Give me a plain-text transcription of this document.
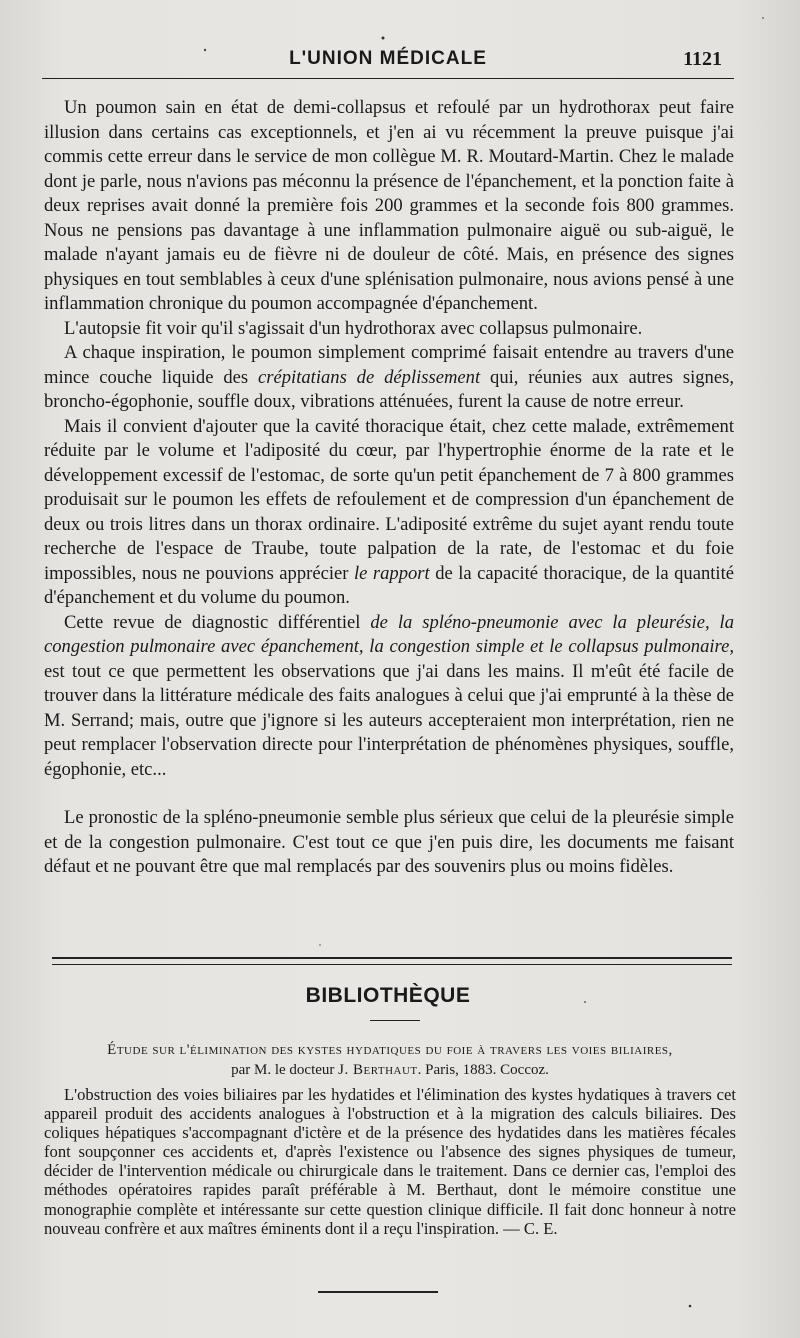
L'UNION MÉDICALE	1121

Un poumon sain en état de demi-collapsus et refoulé par un hydrothorax peut faire illusion dans certains cas exceptionnels, et j'en ai vu récemment la preuve puisque j'ai commis cette erreur dans le service de mon collègue M. R. Moutard-Martin. Chez le malade dont je parle, nous n'avions pas méconnu la présence de l'épanchement, et la ponction faite à deux reprises avait donné la première fois 200 grammes et la seconde fois 800 grammes. Nous ne pensions pas davantage à une inflammation pulmonaire aiguë ou sub-aiguë, le malade n'ayant jamais eu de fièvre ni de douleur de côté. Mais, en présence des signes physiques en tout semblables à ceux d'une splénisation pulmonaire, nous avions pensé à une inflammation chronique du poumon accompagnée d'épanchement.

L'autopsie fit voir qu'il s'agissait d'un hydrothorax avec collapsus pulmonaire.

A chaque inspiration, le poumon simplement comprimé faisait entendre au travers d'une mince couche liquide des crépitatians de déplissement qui, réunies aux autres signes, broncho-égophonie, souffle doux, vibrations atténuées, furent la cause de notre erreur.

Mais il convient d'ajouter que la cavité thoracique était, chez cette malade, extrêmement réduite par le volume et l'adiposité du cœur, par l'hypertrophie énorme de la rate et le développement excessif de l'estomac, de sorte qu'un petit épanchement de 7 à 800 grammes produisait sur le poumon les effets de refoulement et de compression d'un épanchement de deux ou trois litres dans un thorax ordinaire. L'adiposité extrême du sujet ayant rendu toute recherche de l'espace de Traube, toute palpation de la rate, de l'estomac et du foie impossibles, nous ne pouvions apprécier le rapport de la capacité thoracique, de la quantité d'épanchement et du volume du poumon.

Cette revue de diagnostic différentiel de la spléno-pneumonie avec la pleurésie, la congestion pulmonaire avec épanchement, la congestion simple et le collapsus pulmonaire, est tout ce que permettent les observations que j'ai dans les mains. Il m'eût été facile de trouver dans la littérature médicale des faits analogues à celui que j'ai emprunté à la thèse de M. Serrand; mais, outre que j'ignore si les auteurs accepteraient mon interprétation, rien ne peut remplacer l'observation directe pour l'interprétation de phénomènes physiques, souffle, égophonie, etc...

Le pronostic de la spléno-pneumonie semble plus sérieux que celui de la pleurésie simple et de la congestion pulmonaire. C'est tout ce que j'en puis dire, les documents me faisant défaut et ne pouvant être que mal remplacés par des souvenirs plus ou moins fidèles.

BIBLIOTHÈQUE
Étude sur l'élimination des kystes hydatiques du foie à travers les voies biliaires,
par M. le docteur J. Berthaut. Paris, 1883. Coccoz.

L'obstruction des voies biliaires par les hydatides et l'élimination des kystes hydatiques à travers cet appareil produit des accidents analogues à l'obstruction et à la migration des calculs biliaires. Des coliques hépatiques s'accompagnant d'ictère et de la présence des hydatides dans les matières fécales font soupçonner ces accidents et, d'après l'existence ou l'absence des signes physiques de tumeur, décider de l'intervention médicale ou chirurgicale dans le traitement. Dans ce dernier cas, l'emploi des méthodes opératoires rapides paraît préférable à M. Berthaut, dont le mémoire constitue une monographie complète et intéressante sur cette question clinique difficile. Il fait donc honneur à notre nouveau confrère et aux maîtres éminents dont il a reçu l'inspiration. — C. E.
